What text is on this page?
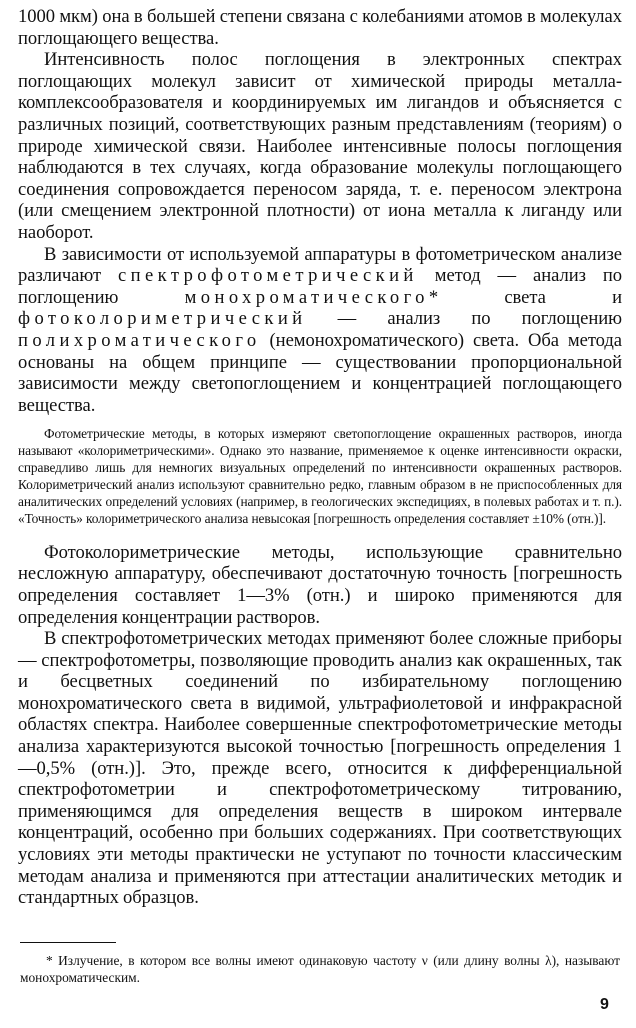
1000 мкм) она в большей степени связана с колебаниями атомов в молекулах поглощающего вещества.

Интенсивность полос поглощения в электронных спектрах поглощающих молекул зависит от химической природы металла-комплексообразователя и координируемых им лигандов и объясняется с различных позиций, соответствующих разным представлениям (теориям) о природе химической связи. Наиболее интенсивные полосы поглощения наблюдаются в тех случаях, когда образование молекулы поглощающего соединения сопровождается переносом заряда, т. е. переносом электрона (или смещением электронной плотности) от иона металла к лиганду или наоборот.

В зависимости от используемой аппаратуры в фотометрическом анализе различают спектрофотометрический метод — анализ по поглощению монохроматического* света и фотоколориметрический — анализ по поглощению полихроматического (немонохроматического) света. Оба метода основаны на общем принципе — существовании пропорциональной зависимости между светопоглощением и концентрацией поглощающего вещества.

Фотометрические методы, в которых измеряют светопоглощение окрашенных растворов, иногда называют «колориметрическими». Однако это название, применяемое к оценке интенсивности окраски, справедливо лишь для немногих визуальных определений по интенсивности окрашенных растворов. Колориметрический анализ используют сравнительно редко, главным образом в не приспособленных для аналитических определений условиях (например, в геологических экспедициях, в полевых работах и т. п.). «Точность» колориметрического анализа невысокая [погрешность определения составляет ±10% (отн.)].

Фотоколориметрические методы, использующие сравнительно несложную аппаратуру, обеспечивают достаточную точность [погрешность определения составляет 1—3% (отн.) и широко применяются для определения концентрации растворов.

В спектрофотометрических методах применяют более сложные приборы — спектрофотометры, позволяющие проводить анализ как окрашенных, так и бесцветных соединений по избирательному поглощению монохроматического света в видимой, ультрафиолетовой и инфракрасной областях спектра. Наиболее совершенные спектрофотометрические методы анализа характеризуются высокой точностью [погрешность определения 1—0,5% (отн.)]. Это, прежде всего, относится к дифференциальной спектрофотометрии и спектрофотометрическому титрованию, применяющимся для определения веществ в широком интервале концентраций, особенно при больших содержаниях. При соответствующих условиях эти методы практически не уступают по точности классическим методам анализа и применяются при аттестации аналитических методик и стандартных образцов.

* Излучение, в котором все волны имеют одинаковую частоту ν (или длину волны λ), называют монохроматическим.

9
